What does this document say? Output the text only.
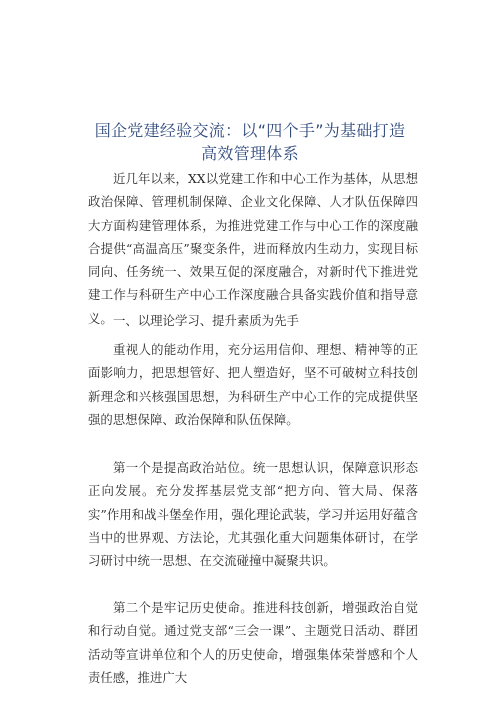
国企党建经验交流：以“四个手”为基础打造
高效管理体系

近几年以来，XX以党建工作和中心工作为基体，从思想政治保障、管理机制保障、企业文化保障、人才队伍保障四大方面构建管理体系，为推进党建工作与中心工作的深度融合提供“高温高压”聚变条件，进而释放内生动力，实现目标同向、任务统一、效果互促的深度融合，对新时代下推进党建工作与科研生产中心工作深度融合具备实践价值和指导意义。 一、以理论学习、提升素质为先手

重视人的能动作用，充分运用信仰、理想、精神等的正面影响力，把思想管好、把人塑造好，坚不可破树立科技创新理念和兴核强国思想，为科研生产中心工作的完成提供坚强的思想保障、政治保障和队伍保障。

第一个是提高政治站位。统一思想认识，保障意识形态正向发展。充分发挥基层党支部“把方向、管大局、保落实”作用和战斗堡垒作用，强化理论武装，学习并运用好蕴含当中的世界观、方法论，尤其强化重大问题集体研讨，在学习研讨中统一思想、在交流碰撞中凝聚共识。

第二个是牢记历史使命。推进科技创新，增强政治自觉和行动自觉。通过党支部“三会一课”、主题党日活动、群团活动等宣讲单位和个人的历史使命，增强集体荣誉感和个人责任感，推进广大
